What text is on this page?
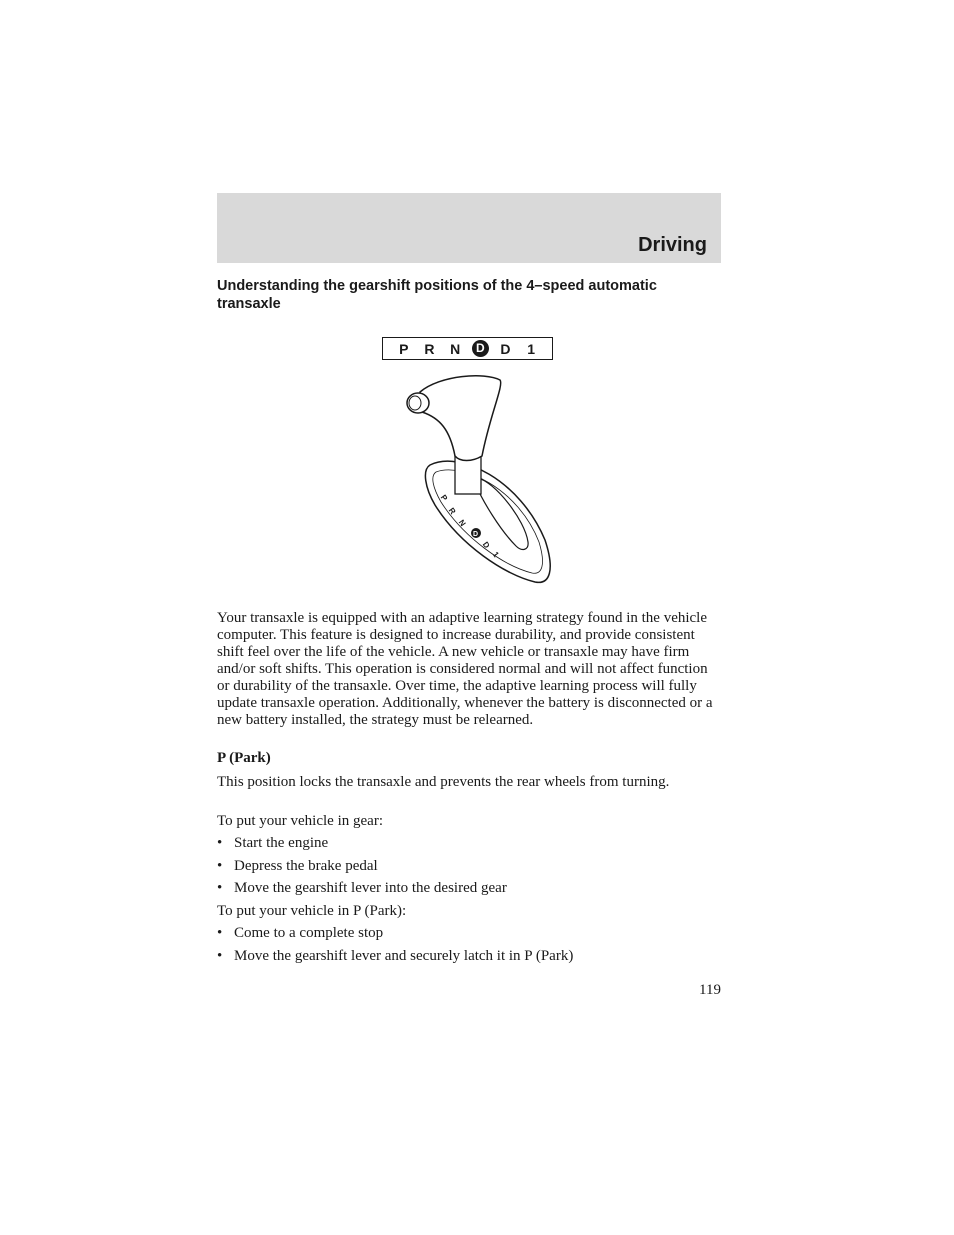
Driving
Understanding the gearshift positions of the 4–speed automatic transaxle
P	R N	D D	1
P
R
N
D
D
1
Your transaxle is equipped with an adaptive learning strategy found in the vehicle computer. This feature is designed to increase durability, and provide consistent shift feel over the life of the vehicle. A new vehicle or transaxle may have firm and/or soft shifts. This operation is considered normal and will not affect function or durability of the transaxle. Over time, the adaptive learning process will fully update transaxle operation. Additionally, whenever the battery is disconnected or a new battery installed, the strategy must be relearned.
P (Park)
This position locks the transaxle and prevents the rear wheels from turning.
To put your vehicle in gear:
• Start the engine
• Depress the brake pedal
• Move the gearshift lever into the desired gear
To put your vehicle in P (Park):
• Come to a complete stop
• Move the gearshift lever and securely latch it in P (Park)
119
